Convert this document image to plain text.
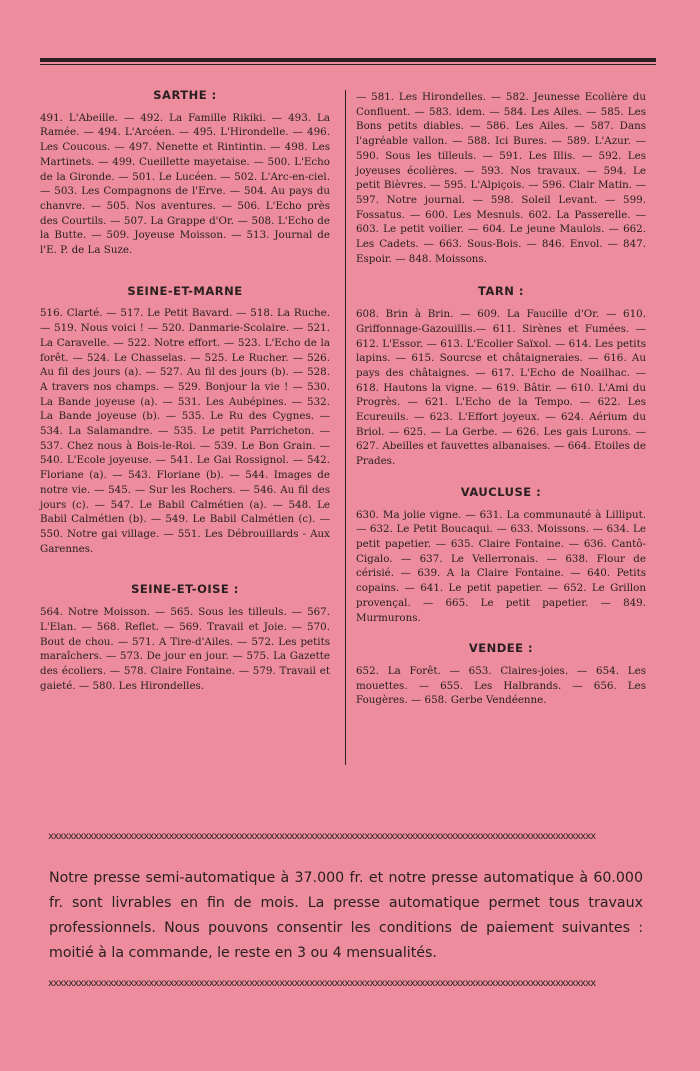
SARTHE :

491. L'Abeille. — 492. La Famille Rikiki. — 493. La Ramée. — 494. L'Arcéen. — 495. L'Hirondelle. — 496. Les Coucous. — 497. Nenette et Rintintin. — 498. Les Martinets. — 499. Cueillette mayetaise. — 500. L'Echo de la Gironde. — 501. Le Lucéen. — 502. L'Arc-en-ciel. — 503. Les Compagnons de l'Erve. — 504. Au pays du chanvre. — 505. Nos aventures. — 506. L'Echo près des Courtils. — 507. La Grappe d'Or. — 508. L'Echo de la Butte. — 509. Joyeuse Moisson. — 513. Journal de l'E. P. de La Suze.

SEINE-ET-MARNE

516. Clarté. — 517. Le Petit Bavard. — 518. La Ruche. — 519. Nous voici ! — 520. Danmarie-Scolaire. — 521. La Caravelle. — 522. Notre effort. — 523. L'Echo de la forêt. — 524. Le Chasselas. — 525. Le Rucher. — 526. Au fil des jours (a). — 527. Au fil des jours (b). — 528. A travers nos champs. — 529. Bonjour la vie ! — 530. La Bande joyeuse (a). — 531. Les Aubépines. — 532. La Bande joyeuse (b). — 535. Le Ru des Cygnes. — 534. La Salamandre. — 535. Le petit Parricheton. — 537. Chez nous à Bois-le-Roi. — 539. Le Bon Grain. — 540. L'Ecole joyeuse. — 541. Le Gai Rossignol. — 542. Floriane (a). — 543. Floriane (b). — 544. Images de notre vie. — 545. — Sur les Rochers. — 546. Au fil des jours (c). — 547. Le Babil Calmétien (a). — 548. Le Babil Calmétien (b). — 549. Le Babil Calmétien (c). — 550. Notre gai village. — 551. Les Débrouillards - Aux Garennes.

SEINE-ET-OISE :

564. Notre Moisson. — 565. Sous les tilleuls. — 567. L'Elan. — 568. Reflet. — 569. Travail et Joie. — 570. Bout de chou. — 571. A Tire-d'Ailes. — 572. Les petits maraîchers. — 573. De jour en jour. — 575. La Gazette des écoliers. — 578. Claire Fontaine. — 579. Travail et gaieté. — 580. Les Hirondelles.

— 581. Les Hirondelles. — 582. Jeunesse Ecolière du Confluent. — 583. idem. — 584. Les Ailes. — 585. Les Bons petits diables. — 586. Les Ailes. — 587. Dans l'agréable vallon. — 588. Ici Bures. — 589. L'Azur. — 590. Sous les tilleuls. — 591. Les Illis. — 592. Les joyeuses écolières. — 593. Nos travaux. — 594. Le petit Bièvres. — 595. L'Alpiçois. — 596. Clair Matin. — 597. Notre journal. — 598. Soleil Levant. — 599. Fossatus. — 600. Les Mesnuls. 602. La Passerelle. — 603. Le petit voilier. — 604. Le jeune Maulois. — 662. Les Cadets. — 663. Sous-Bois. — 846. Envol. — 847. Espoir. — 848. Moissons.

TARN :

608. Brin à Brin. — 609. La Faucille d'Or. — 610. Griffonnage-Gazouillis.— 611. Sirènes et Fumées. — 612. L'Essor. — 613. L'Ecolier Saïxol. — 614. Les petits lapins. — 615. Sourcse et châtaigneraies. — 616. Au pays des châtaignes. — 617. L'Echo de Noailhac. — 618. Hautons la vigne. — 619. Bâtir. — 610. L'Ami du Progrès. — 621. L'Echo de la Tempo. — 622. Les Ecureuils. — 623. L'Effort joyeux. — 624. Aérium du Briol. — 625. — La Gerbe. — 626. Les gais Lurons. — 627. Abeilles et fauvettes albanaises. — 664. Etoiles de Prades.

VAUCLUSE :

630. Ma jolie vigne. — 631. La communauté à Lilliput. — 632. Le Petit Boucaqui. — 633. Moissons. — 634. Le petit papetier. — 635. Claire Fontaine. — 636. Cantô-Cigalo. — 637. Le Vellerronais. — 638. Flour de cérisié. — 639. A la Claire Fontaine. — 640. Petits copains. — 641. Le petit papetier. — 652. Le Grillon provençal. — 665. Le petit papetier. — 849. Murmurons.

VENDEE :

652. La Forêt. — 653. Claires-joies. — 654. Les mouettes. — 655. Les Halbrands. — 656. Les Fougères. — 658. Gerbe Vendéenne.

xxxxxxxxxxxxxxxxxxxxxxxxxxxxxxxxxxxxxxxxxxxxxxxxxxxxxxxxxxxxxxxxxxxxxxxxxxxxxxxxxxxxxxxxxxxxxxxxxxxxxxxxxxxxx

Notre presse semi-automatique à 37.000 fr. et notre presse automatique à 60.000 fr. sont livrables en fin de mois. La presse automatique permet tous travaux professionnels. Nous pouvons consentir les conditions de paiement suivantes : moitié à la commande, le reste en 3 ou 4 mensualités.

xxxxxxxxxxxxxxxxxxxxxxxxxxxxxxxxxxxxxxxxxxxxxxxxxxxxxxxxxxxxxxxxxxxxxxxxxxxxxxxxxxxxxxxxxxxxxxxxxxxxxxxxxxxxx
